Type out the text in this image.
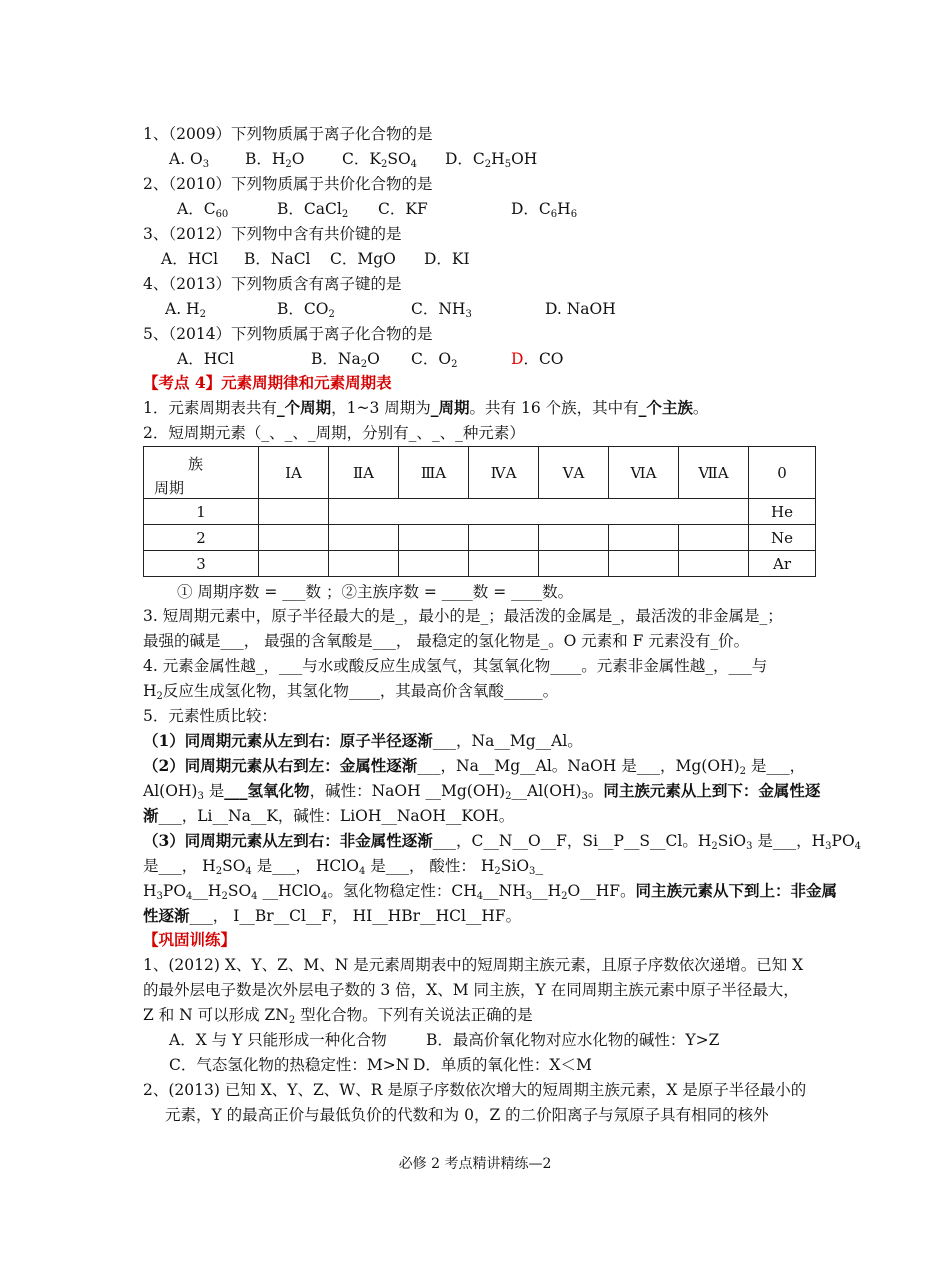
1、（2009）下列物质属于离子化合物的是
A. $O_3$ B．$H_2O$ C．$K_2SO_4$ D．$C_2H_5OH$
2、（2010）下列物质属于共价化合物的是
A．$C_{60}$	B．CaCl$_2$ C．KF	D．$C_6H_6$
3、（2012）下列物中含有共价键的是
A．HCl B．NaCl C．MgO D．KI
4、（2013）下列物质含有离子键的是
A. $H_2$	B．$CO_2$	C．$NH_3$	D. NaOH
5、（2014）下列物质属于离子化合物的是
A．HCl	B．$Na_2O$ C．$O_2$	D．CO
【考点 4】元素周期律和元素周期表
1．元素周期表共有_个周期，1~3 周期为_周期。共有 16 个族，其中有_个主族。
2．短周期元素（_、_、_周期，分别有_、_、_种元素）
族
周期	ⅠA	ⅡA	ⅢA	ⅣA	ⅤA	ⅥA	ⅦA	0
1								He
2								Ne
3								Ar
① 周期序数 = ___数 ；②主族序数 = ____数 = ____数。
3. 短周期元素中，原子半径最大的是_，最小的是_；最活泼的金属是_，最活泼的非金属是_；
最强的碱是___， 最强的含氧酸是___， 最稳定的氢化物是_。O 元素和 F 元素没有_价。
4. 元素金属性越_，___与水或酸反应生成氢气，其氢氧化物____。元素非金属性越_，___与
$H_2$反应生成氢化物，其氢化物____，其最高价含氧酸_____。
5．元素性质比较：
（1）同周期元素从左到右：原子半径逐渐___，Na__Mg__Al。
（2）同周期元素从右到左：金属性逐渐___，Na__Mg__Al。NaOH 是___，$Mg(OH)_2$ 是___，
$Al(OH)_3$ 是___氢氧化物，碱性：NaOH $\_\_Mg(OH)_2\_\_Al(OH)_3$。同主族元素从上到下：金属性逐
渐___，Li__Na__K，碱性：LiOH__NaOH__KOH。
（3）同周期元素从左到右：非金属性逐渐___，C__N__O__F，Si__P__S__Cl。$H_2SiO_3$ 是___，$H_3PO_4$
是___， $H_2SO_4$ 是___， HClO$_4$ 是___， 酸性： $H_2SiO_3\_$
$H_3PO_4\_\_H_2SO_4$ __HClO$_4$。氢化物稳定性：$CH_4\_\_NH_3\_\_H_2O\_\_HF$。同主族元素从下到上：非金属
性逐渐___， I__Br__Cl__F， HI__HBr__HCl__HF。
【巩固训练】
1、(2012) X、Y、Z、M、N 是元素周期表中的短周期主族元素，且原子序数依次递增。已知 X
的最外层电子数是次外层电子数的 3 倍，X、M 同主族，Y 在同周期主族元素中原子半径最大，
Z 和 N 可以形成 $ZN_2$ 型化合物。下列有关说法正确的是
A．X 与 Y 只能形成一种化合物	B．最高价氧化物对应水化物的碱性：Y>Z
C．气态氢化物的热稳定性：M>N D．单质的氧化性：X＜M
2、(2013) 已知 X、Y、Z、W、R 是原子序数依次增大的短周期主族元素，X 是原子半径最小的
元素，Y 的最高正价与最低负价的代数和为 0，Z 的二价阳离子与氖原子具有相同的核外
必修 2 考点精讲精练—2
